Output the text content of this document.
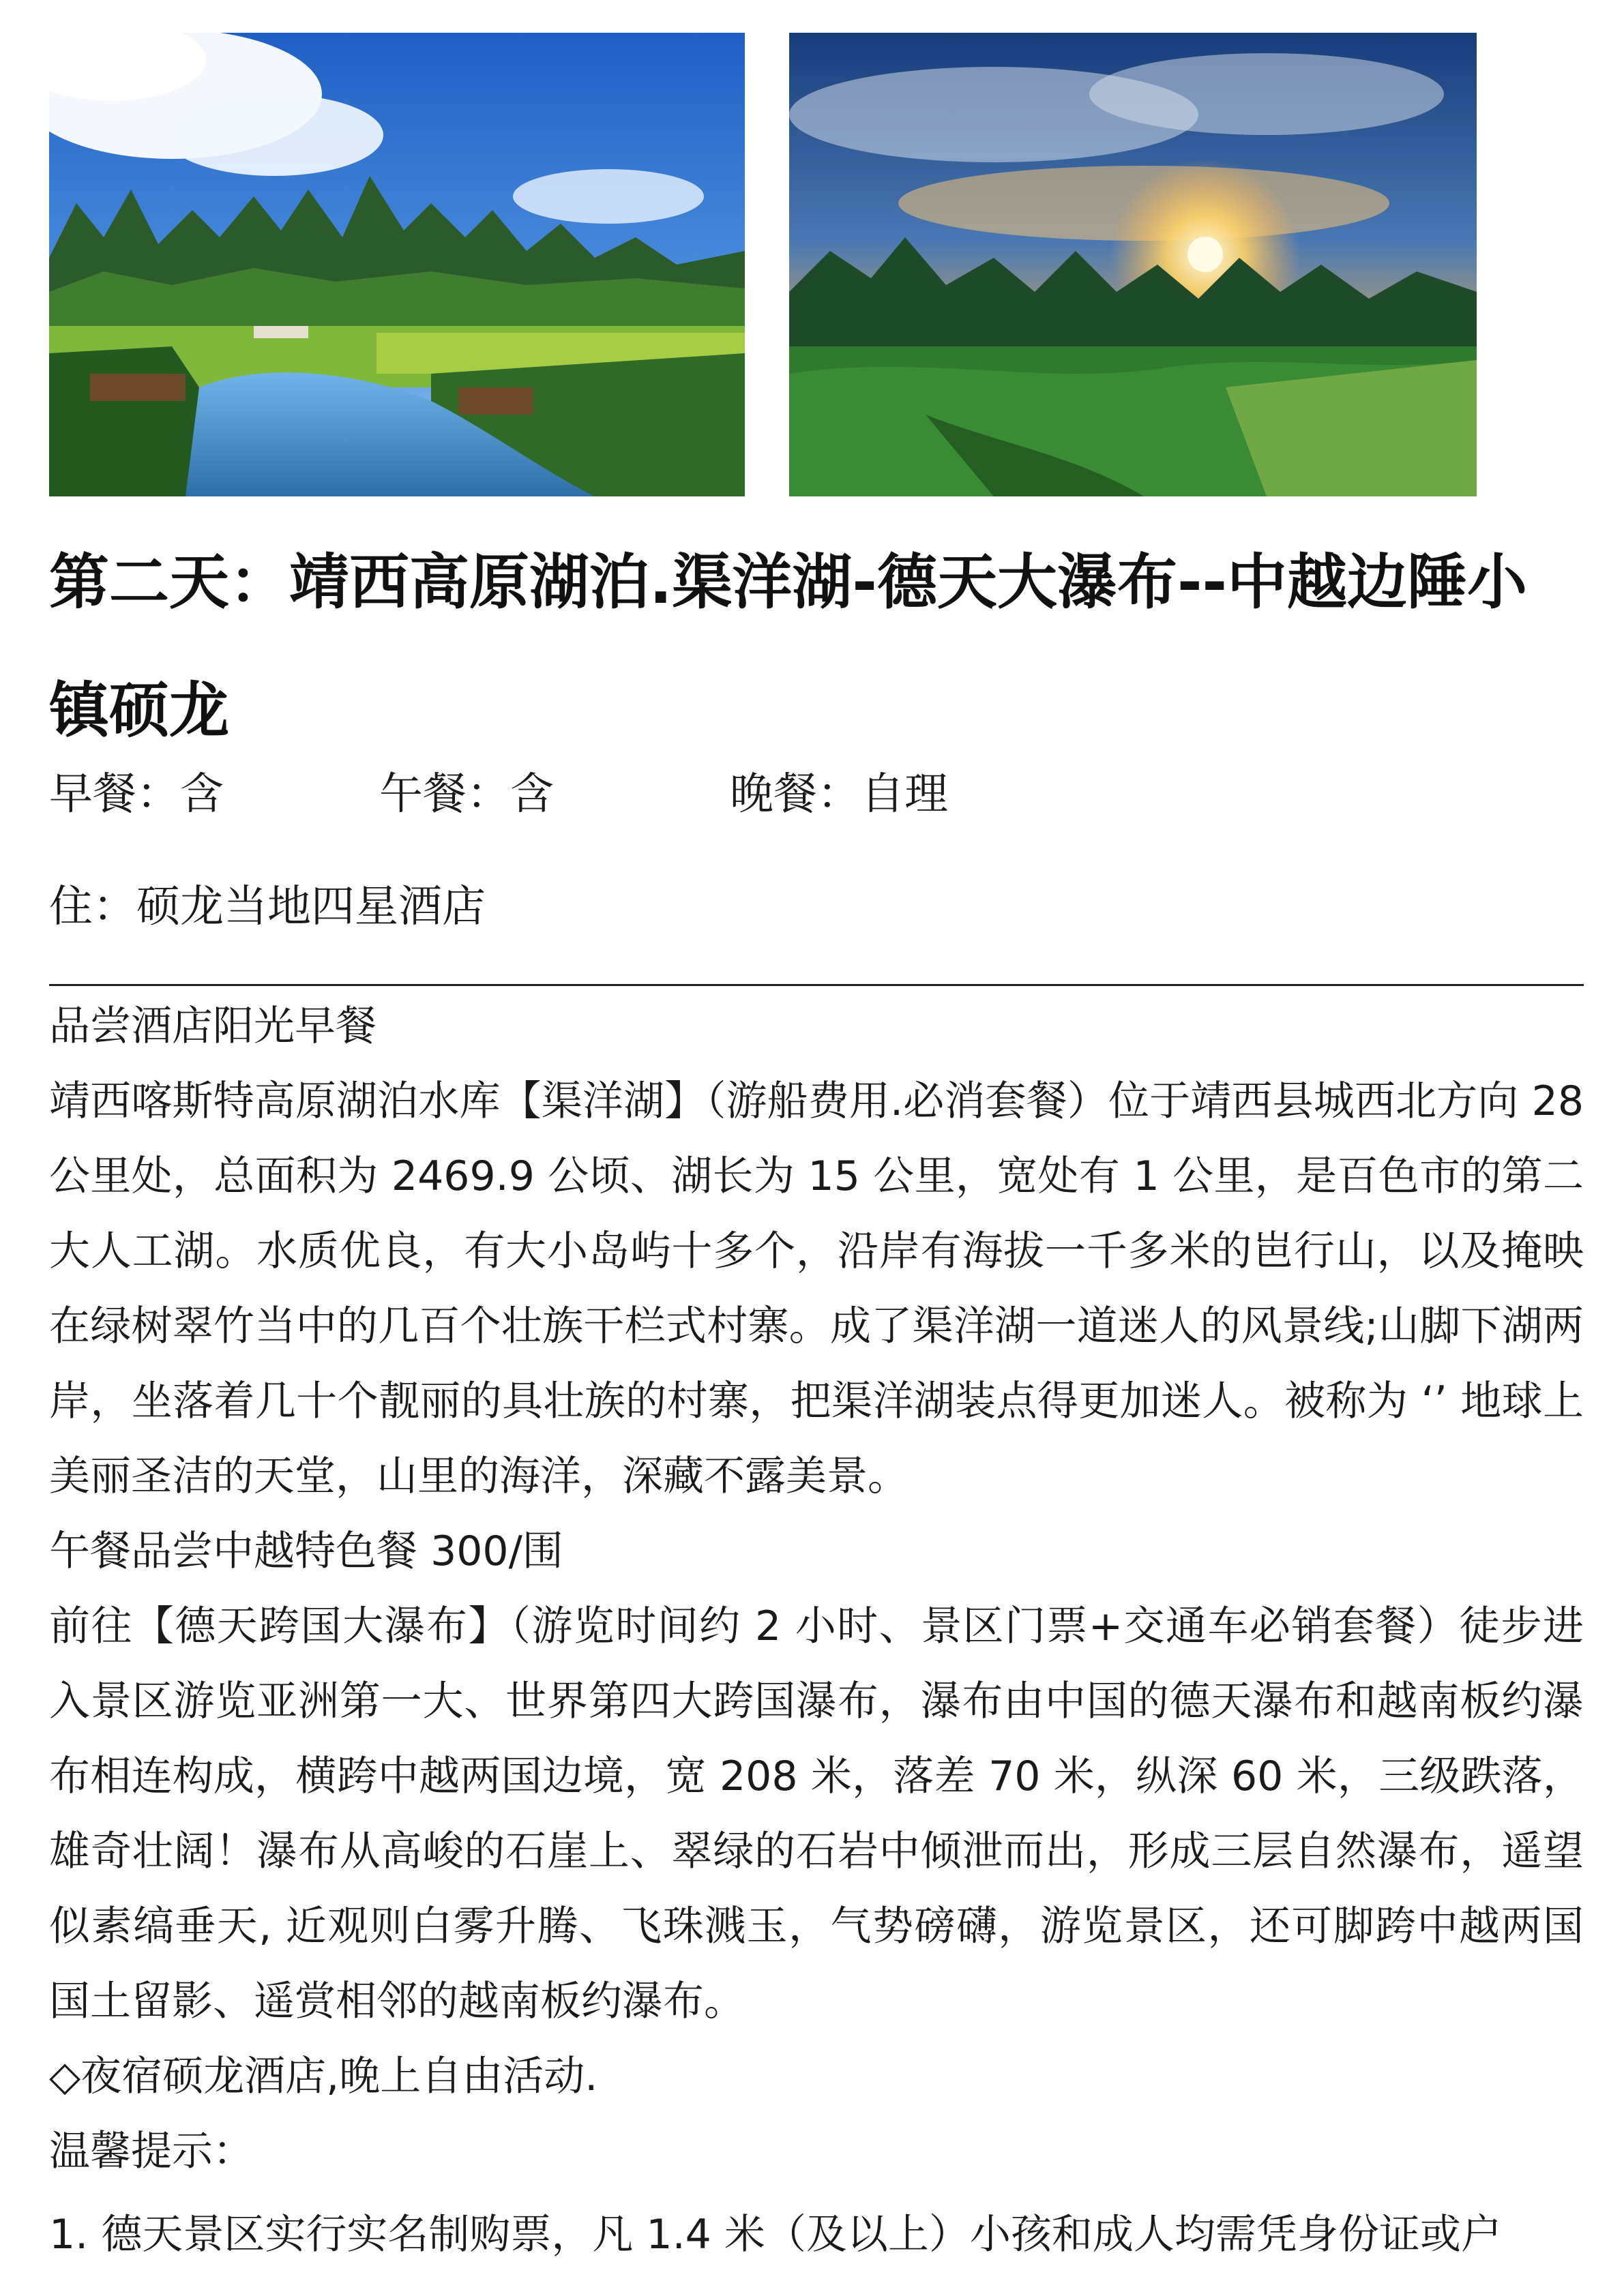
第二天：靖西高原湖泊.渠洋湖-德天大瀑布--中越边陲小镇硕龙
早餐：含	午餐：含	晚餐：自理
住：硕龙当地四星酒店

品尝酒店阳光早餐

靖西喀斯特高原湖泊水库【渠洋湖】（游船费用.必消套餐）位于靖西县城西北方向 28 公里处，总面积为 2469.9 公顷、湖长为 15 公里，宽处有 1 公里，是百色市的第二大人工湖。水质优良，有大小岛屿十多个，沿岸有海拔一千多米的岜行山，以及掩映在绿树翠竹当中的几百个壮族干栏式村寨。成了渠洋湖一道迷人的风景线;山脚下湖两岸，坐落着几十个靓丽的具壮族的村寨，把渠洋湖装点得更加迷人。被称为 ‘’ 地球上美丽圣洁的天堂，山里的海洋，深藏不露美景。

午餐品尝中越特色餐 300/围

前往【德天跨国大瀑布】（游览时间约 2 小时、景区门票+交通车必销套餐）徒步进入景区游览亚洲第一大、世界第四大跨国瀑布，瀑布由中国的德天瀑布和越南板约瀑布相连构成，横跨中越两国边境，宽 208 米，落差 70 米，纵深 60 米，三级跌落，雄奇壮阔！瀑布从高峻的石崖上、翠绿的石岩中倾泄而出，形成三层自然瀑布，遥望似素缟垂天, 近观则白雾升腾、飞珠溅玉，气势磅礴，游览景区，还可脚跨中越两国国土留影、遥赏相邻的越南板约瀑布。

◇夜宿硕龙酒店,晚上自由活动.

温馨提示：

1. 德天景区实行实名制购票，凡 1.4 米（及以上）小孩和成人均需凭身份证或户
